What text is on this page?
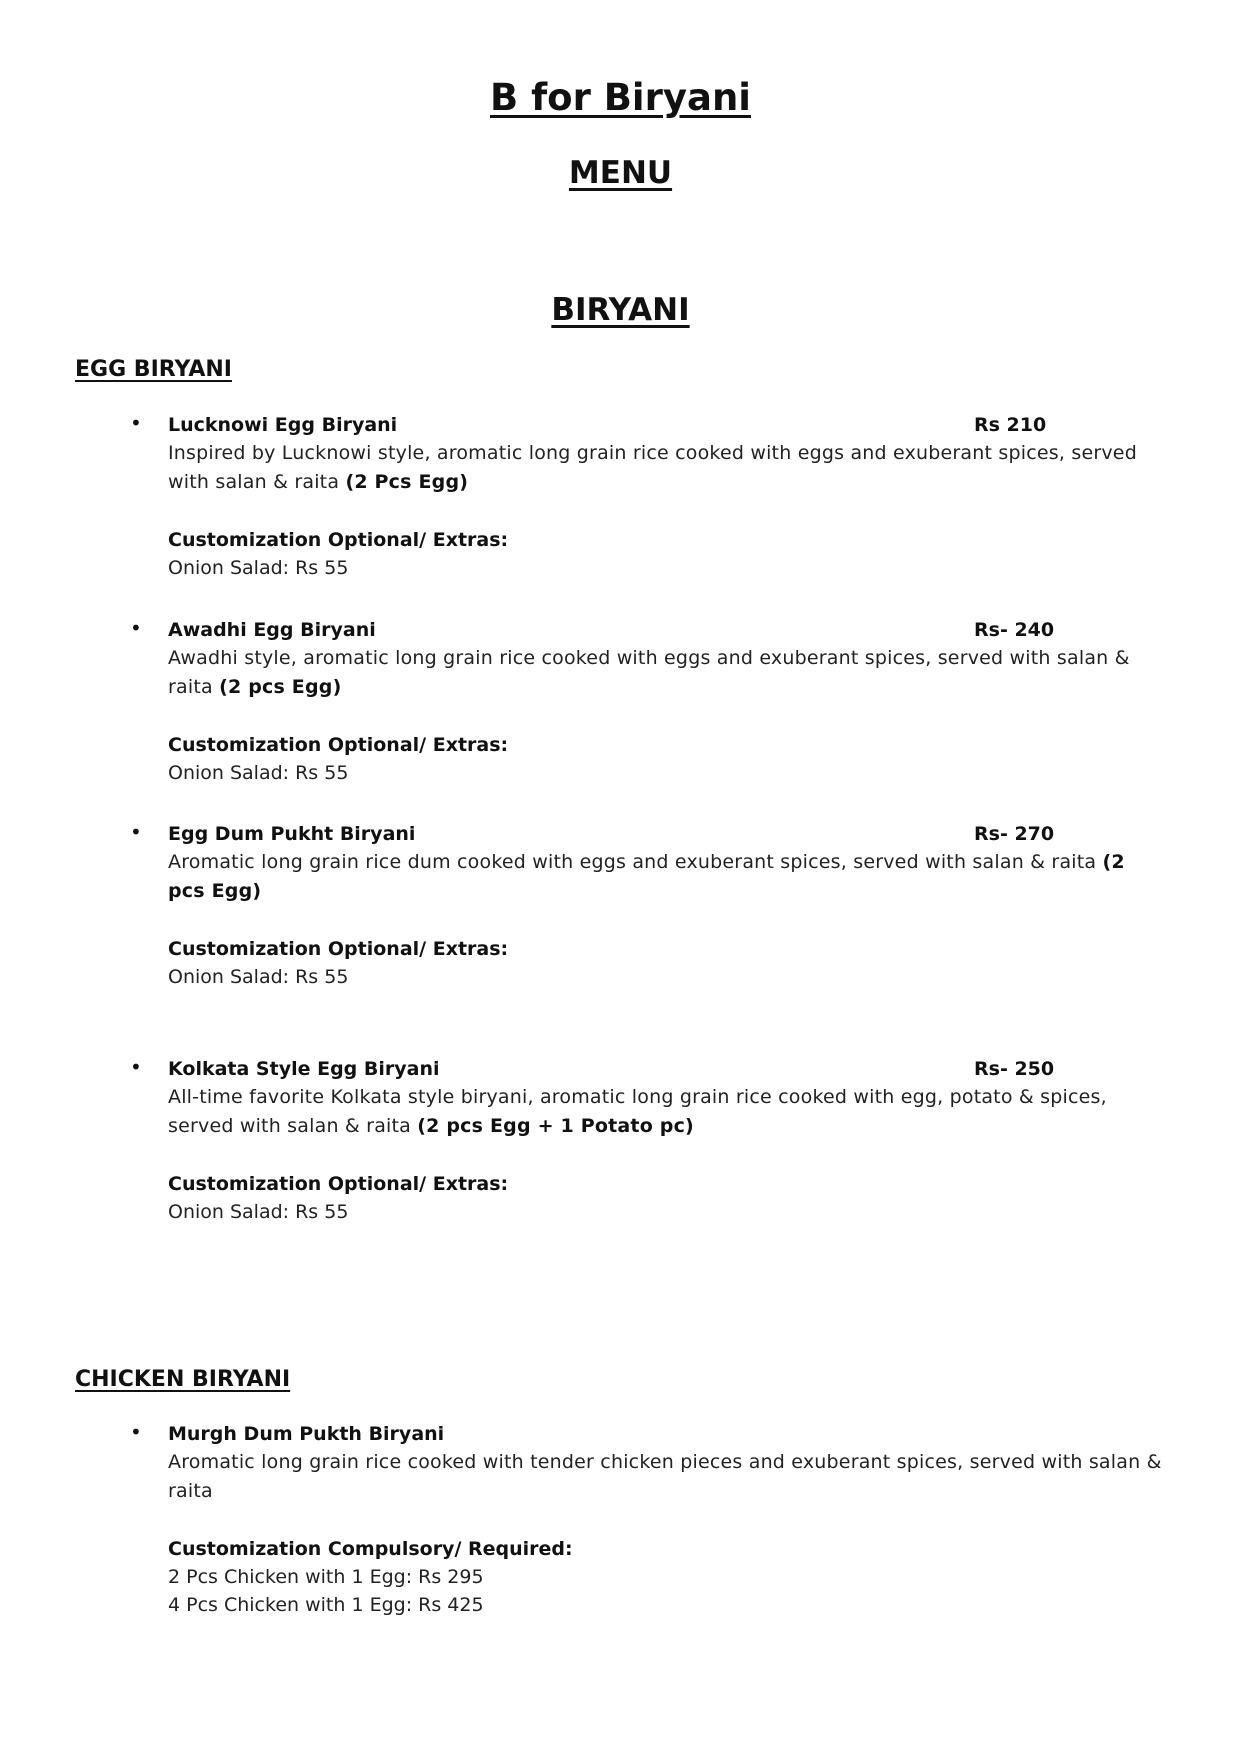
B for Biryani
MENU
BIRYANI
EGG BIRYANI
• Lucknowi Egg Biryani	Rs 210
Inspired by Lucknowi style, aromatic long grain rice cooked with eggs and exuberant spices, served with salan & raita (2 Pcs Egg)
Customization Optional/ Extras:
Onion Salad: Rs 55
• Awadhi Egg Biryani	Rs- 240
Awadhi style, aromatic long grain rice cooked with eggs and exuberant spices, served with salan & raita (2 pcs Egg)
Customization Optional/ Extras:
Onion Salad: Rs 55
• Egg Dum Pukht Biryani	Rs- 270
Aromatic long grain rice dum cooked with eggs and exuberant spices, served with salan & raita (2 pcs Egg)
Customization Optional/ Extras:
Onion Salad: Rs 55
• Kolkata Style Egg Biryani	Rs- 250
All-time favorite Kolkata style biryani, aromatic long grain rice cooked with egg, potato & spices, served with salan & raita (2 pcs Egg + 1 Potato pc)
Customization Optional/ Extras:
Onion Salad: Rs 55
CHICKEN BIRYANI
• Murgh Dum Pukth Biryani
Aromatic long grain rice cooked with tender chicken pieces and exuberant spices, served with salan & raita
Customization Compulsory/ Required:
2 Pcs Chicken with 1 Egg: Rs 295
4 Pcs Chicken with 1 Egg: Rs 425
